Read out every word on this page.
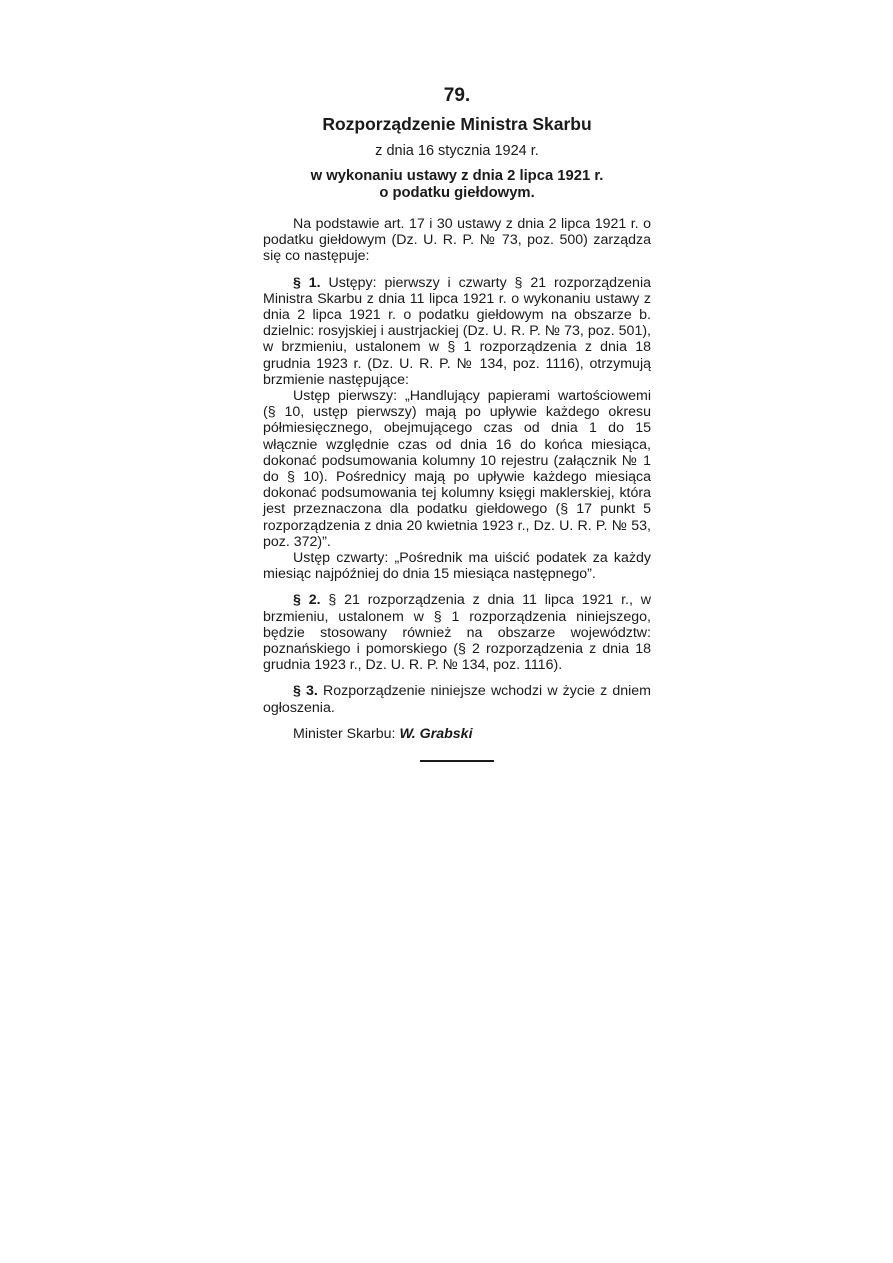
79.
Rozporządzenie Ministra Skarbu
z dnia 16 stycznia 1924 r.
w wykonaniu ustawy z dnia 2 lipca 1921 r.
o podatku giełdowym.

Na podstawie art. 17 i 30 ustawy z dnia 2 lipca 1921 r. o podatku giełdowym (Dz. U. R. P. № 73, poz. 500) zarządza się co następuje:

§ 1. Ustępy: pierwszy i czwarty § 21 rozporządzenia Ministra Skarbu z dnia 11 lipca 1921 r. o wykonaniu ustawy z dnia 2 lipca 1921 r. o podatku giełdowym na obszarze b. dzielnic: rosyjskiej i austrjackiej (Dz. U. R. P. № 73, poz. 501), w brzmieniu, ustalonem w § 1 rozporządzenia z dnia 18 grudnia 1923 r. (Dz. U. R. P. № 134, poz. 1116), otrzymują brzmienie następujące:

Ustęp pierwszy: „Handlujący papierami wartościowemi (§ 10, ustęp pierwszy) mają po upływie każdego okresu półmiesięcznego, obejmującego czas od dnia 1 do 15 włącznie względnie czas od dnia 16 do końca miesiąca, dokonać podsumowania kolumny 10 rejestru (załącznik № 1 do § 10). Pośrednicy mają po upływie każdego miesiąca dokonać podsumowania tej kolumny księgi maklerskiej, która jest przeznaczona dla podatku giełdowego (§ 17 punkt 5 rozporządzenia z dnia 20 kwietnia 1923 r., Dz. U. R. P. № 53, poz. 372)”.

Ustęp czwarty: „Pośrednik ma uiścić podatek za każdy miesiąc najpóźniej do dnia 15 miesiąca następnego”.

§ 2. § 21 rozporządzenia z dnia 11 lipca 1921 r., w brzmieniu, ustalonem w § 1 rozporządzenia niniejszego, będzie stosowany również na obszarze województw: poznańskiego i pomorskiego (§ 2 rozporządzenia z dnia 18 grudnia 1923 r., Dz. U. R. P. № 134, poz. 1116).

§ 3. Rozporządzenie niniejsze wchodzi w życie z dniem ogłoszenia.

Minister Skarbu: W. Grabski
